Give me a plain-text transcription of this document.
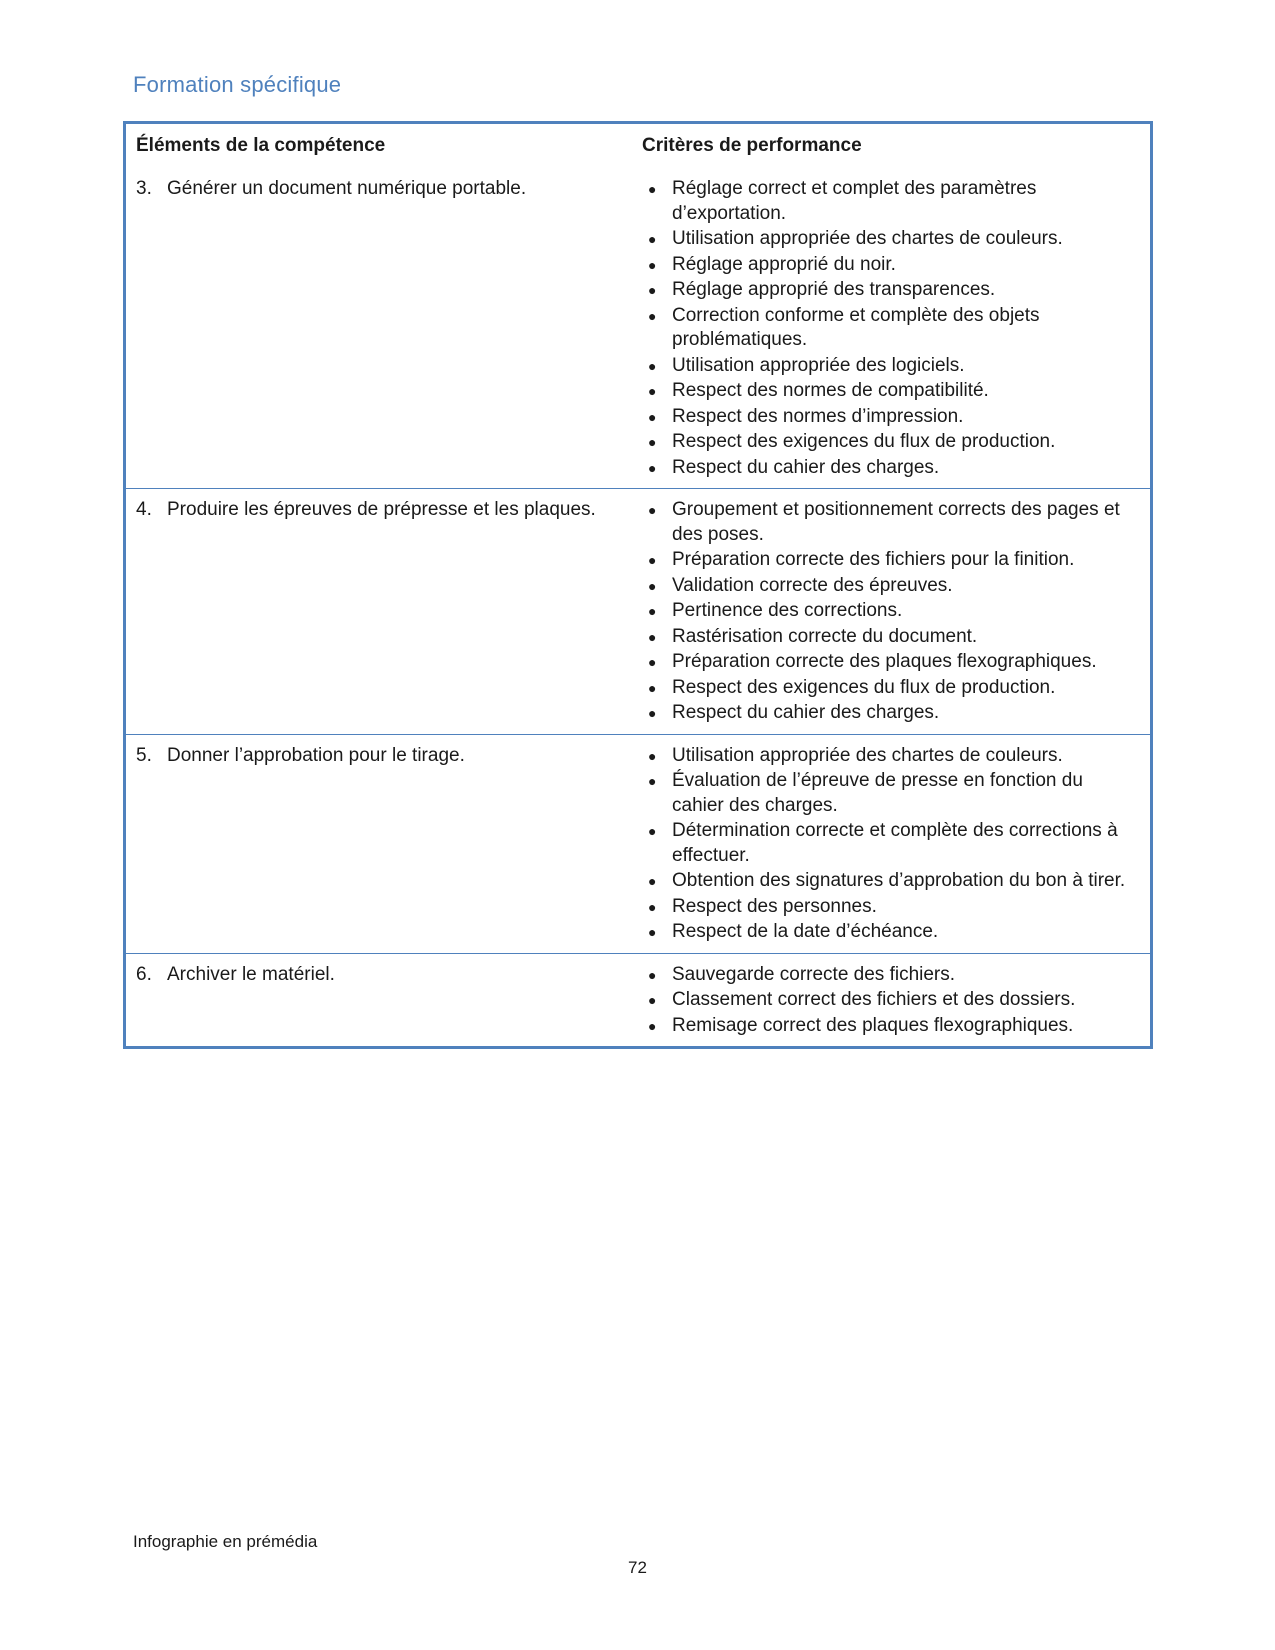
Formation spécifique
Éléments de la compétence	Critères de performance
3. Générer un document numérique portable.	● Réglage correct et complet des paramètres d’exportation.
● Utilisation appropriée des chartes de couleurs.
● Réglage approprié du noir.
● Réglage approprié des transparences.
● Correction conforme et complète des objets problématiques.
● Utilisation appropriée des logiciels.
● Respect des normes de compatibilité.
● Respect des normes d’impression.
● Respect des exigences du flux de production.
● Respect du cahier des charges.
4. Produire les épreuves de prépresse et les plaques.	● Groupement et positionnement corrects des pages et des poses.
● Préparation correcte des fichiers pour la finition.
● Validation correcte des épreuves.
● Pertinence des corrections.
● Rastérisation correcte du document.
● Préparation correcte des plaques flexographiques.
● Respect des exigences du flux de production.
● Respect du cahier des charges.
5. Donner l’approbation pour le tirage.	● Utilisation appropriée des chartes de couleurs.
● Évaluation de l’épreuve de presse en fonction du cahier des charges.
● Détermination correcte et complète des corrections à effectuer.
● Obtention des signatures d’approbation du bon à tirer.
● Respect des personnes.
● Respect de la date d’échéance.
6. Archiver le matériel.	● Sauvegarde correcte des fichiers.
● Classement correct des fichiers et des dossiers.
● Remisage correct des plaques flexographiques.
Infographie en prémédia
72
